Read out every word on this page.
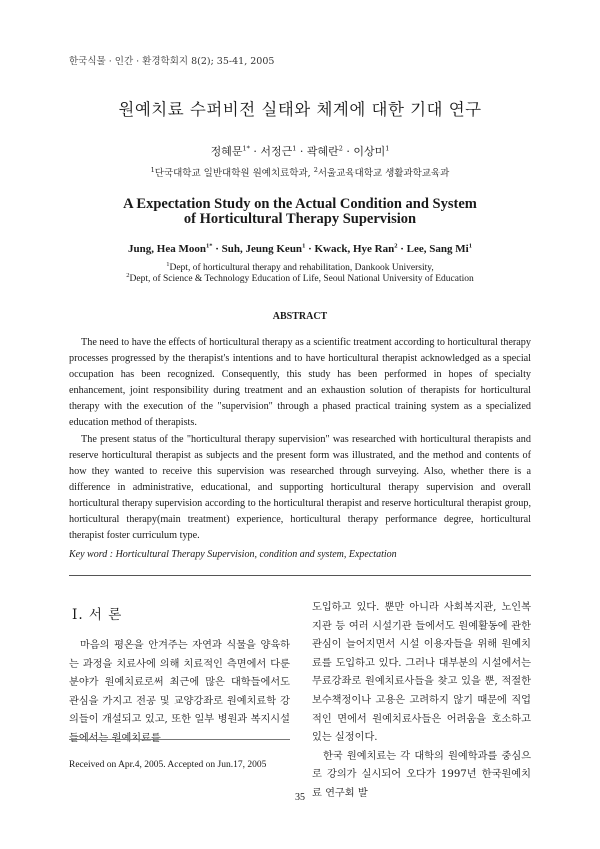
한국식물 · 인간 · 환경학회지 8(2); 35-41, 2005
원예치료 수퍼비전 실태와 체계에 대한 기대 연구
정혜문$^{1*}$ · 서정근$^1$ · 곽혜란$^2$ · 이상미$^1$
$^1$단국대학교 일반대학원 원예치료학과, $^2$서울교육대학교 생활과학교육과
A Expectation Study on the Actual Condition and System
of Horticultural Therapy Supervision
Jung, Hea Moon$^{1*}$ · Suh, Jeung Keun$^1$ · Kwack, Hye Ran$^2$ · Lee, Sang Mi$^1$
$^1$Dept, of horticultural therapy and rehabilitation, Dankook University,
$^2$Dept, of Science & Technology Education of Life, Seoul National University of Education
ABSTRACT

The need to have the effects of horticultural therapy as a scientific treatment according to horticultural therapy processes progressed by the therapist's intentions and to have horticultural therapist acknowledged as a special occupation has been recognized. Consequently, this study has been performed in hopes of specialty enhancement, joint responsibility during treatment and an exhaustion solution of therapists for horticultural therapy with the execution of the "supervision" through a phased practical training system as a specialized education method of therapists.

The present status of the "horticultural therapy supervision" was researched with horticultural therapists and reserve horticultural therapist as subjects and the present form was illustrated, and the method and contents of how they wanted to receive this supervision was researched through surveying. Also, whether there is a difference in administrative, educational, and supporting horticultural therapy supervision and overall horticultural therapy supervision according to the horticultural therapist and reserve horticultural therapist group, horticultural therapy(main treatment) experience, horticultural therapy performance degree, horticultural therapist foster curriculum type.

Key word : Horticultural Therapy Supervision, condition and system, Expectation
Ⅰ. 서 론

마음의 평온을 안겨주는 자연과 식물을 양육하는 과정을 치료사에 의해 치료적인 측면에서 다룬 분야가 원예치료로써 최근에 많은 대학들에서도 관심을 가지고 전공 및 교양강좌로 원예치료학 강의들이 개설되고 있고, 또한 일부 병원과 복지시설들에서는 원예치료를

도입하고 있다. 뿐만 아니라 사회복지관, 노인복지관 등 여러 시설기관 들에서도 원예활동에 관한 관심이 늘어지면서 시설 이용자들을 위해 원예치료를 도입하고 있다. 그러나 대부분의 시설에서는 무료강좌로 원예치료사들을 찾고 있을 뿐, 적절한 보수책정이나 고용은 고려하지 않기 때문에 직업적인 면에서 원예치료사들은 어려움을 호소하고 있는 실정이다.

한국 원예치료는 각 대학의 원예학과를 중심으로 강의가 실시되어 오다가 1997년 한국원예치료 연구회 발

Received on Apr.4, 2005. Accepted on Jun.17, 2005
35
